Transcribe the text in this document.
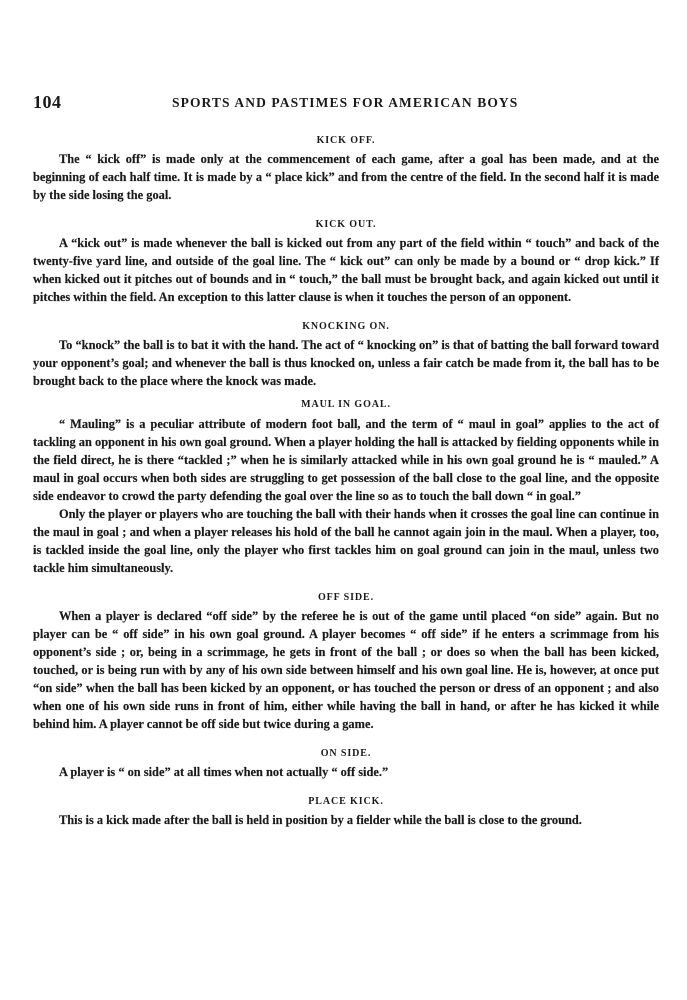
104	SPORTS AND PASTIMES FOR AMERICAN BOYS
KICK OFF.

The “ kick off” is made only at the commencement of each game, after a goal has been made, and at the beginning of each half time. It is made by a “ place kick” and from the centre of the field. In the second half it is made by the side losing the goal.

KICK OUT.

A “kick out” is made whenever the ball is kicked out from any part of the field within “ touch” and back of the twenty-five yard line, and outside of the goal line. The “ kick out” can only be made by a bound or “ drop kick.” If when kicked out it pitches out of bounds and in “ touch,” the ball must be brought back, and again kicked out until it pitches within the field. An exception to this latter clause is when it touches the person of an opponent.

KNOCKING ON.

To “knock” the ball is to bat it with the hand. The act of “ knocking on” is that of batting the ball forward toward your opponent’s goal; and whenever the ball is thus knocked on, unless a fair catch be made from it, the ball has to be brought back to the place where the knock was made.

MAUL IN GOAL.

“ Mauling” is a peculiar attribute of modern foot ball, and the term of “ maul in goal” applies to the act of tackling an opponent in his own goal ground. When a player holding the hall is attacked by fielding opponents while in the field direct, he is there “tackled ;” when he is similarly attacked while in his own goal ground he is “ mauled.” A maul in goal occurs when both sides are struggling to get possession of the ball close to the goal line, and the opposite side endeavor to crowd the party defending the goal over the line so as to touch the ball down “ in goal.”

Only the player or players who are touching the ball with their hands when it crosses the goal line can continue in the maul in goal ; and when a player releases his hold of the ball he cannot again join in the maul. When a player, too, is tackled inside the goal line, only the player who first tackles him on goal ground can join in the maul, unless two tackle him simultaneously.

OFF SIDE.

When a player is declared “off side” by the referee he is out of the game until placed “on side” again. But no player can be “ off side” in his own goal ground. A player becomes “ off side” if he enters a scrimmage from his opponent’s side ; or, being in a scrimmage, he gets in front of the ball ; or does so when the ball has been kicked, touched, or is being run with by any of his own side between himself and his own goal line. He is, however, at once put “on side” when the ball has been kicked by an opponent, or has touched the person or dress of an opponent ; and also when one of his own side runs in front of him, either while having the ball in hand, or after he has kicked it while behind him. A player cannot be off side but twice during a game.

ON SIDE.

A player is “ on side” at all times when not actually “ off side.”

PLACE KICK.

This is a kick made after the ball is held in position by a fielder while the ball is close to the ground.
